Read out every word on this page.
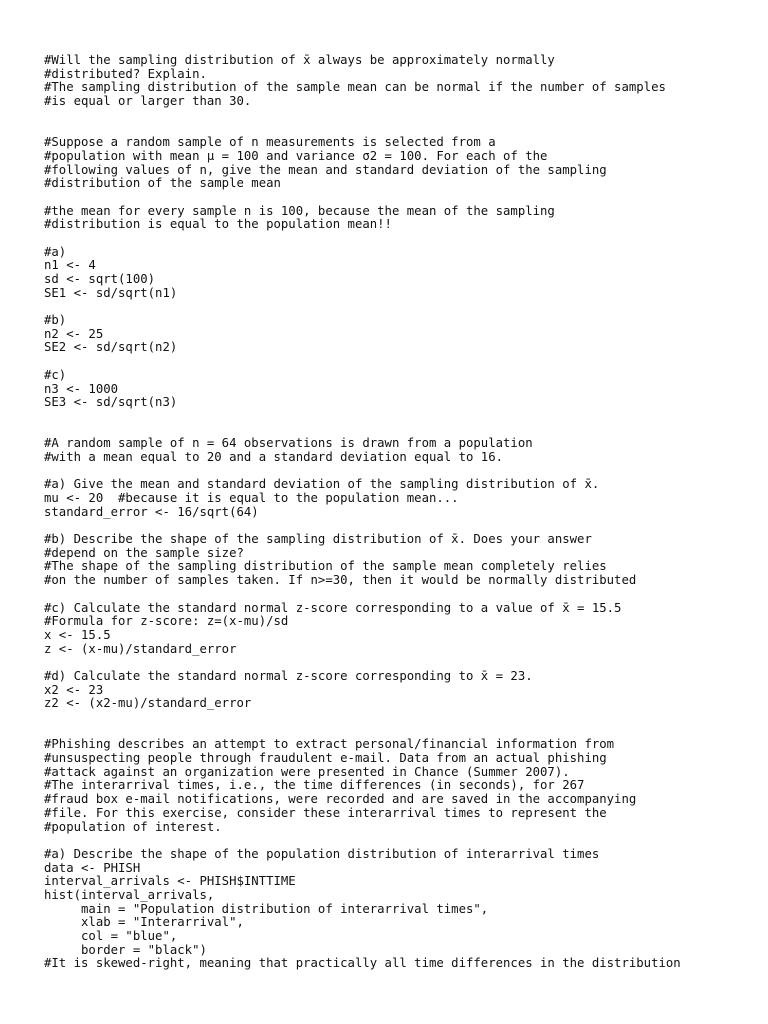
#Will the sampling distribution of x̄ always be approximately normally
#distributed? Explain.
#The sampling distribution of the sample mean can be normal if the number of samples
#is equal or larger than 30.
#Suppose a random sample of n measurements is selected from a
#population with mean μ = 100 and variance σ2 = 100. For each of the
#following values of n, give the mean and standard deviation of the sampling
#distribution of the sample mean
#the mean for every sample n is 100, because the mean of the sampling
#distribution is equal to the population mean!!
#a)
n1 <- 4
sd <- sqrt(100)
SE1 <- sd/sqrt(n1)
#b)
n2 <- 25
SE2 <- sd/sqrt(n2)
#c)
n3 <- 1000
SE3 <- sd/sqrt(n3)
#A random sample of n = 64 observations is drawn from a population
#with a mean equal to 20 and a standard deviation equal to 16.
#a) Give the mean and standard deviation of the sampling distribution of x̄.
mu <- 20  #because it is equal to the population mean...
standard_error <- 16/sqrt(64)
#b) Describe the shape of the sampling distribution of x̄. Does your answer
#depend on the sample size?
#The shape of the sampling distribution of the sample mean completely relies
#on the number of samples taken. If n>=30, then it would be normally distributed
#c) Calculate the standard normal z-score corresponding to a value of x̄ = 15.5
#Formula for z-score: z=(x-mu)/sd
x <- 15.5
z <- (x-mu)/standard_error
#d) Calculate the standard normal z-score corresponding to x̄ = 23.
x2 <- 23
z2 <- (x2-mu)/standard_error
#Phishing describes an attempt to extract personal/financial information from
#unsuspecting people through fraudulent e-mail. Data from an actual phishing
#attack against an organization were presented in Chance (Summer 2007).
#The interarrival times, i.e., the time differences (in seconds), for 267
#fraud box e-mail notifications, were recorded and are saved in the accompanying
#file. For this exercise, consider these interarrival times to represent the
#population of interest.
#a) Describe the shape of the population distribution of interarrival times
data <- PHISH
interval_arrivals <- PHISH$INTTIME
hist(interval_arrivals,
main = "Population distribution of interarrival times",
xlab = "Interarrival",
col = "blue",
border = "black")
#It is skewed-right, meaning that practically all time differences in the distribution
